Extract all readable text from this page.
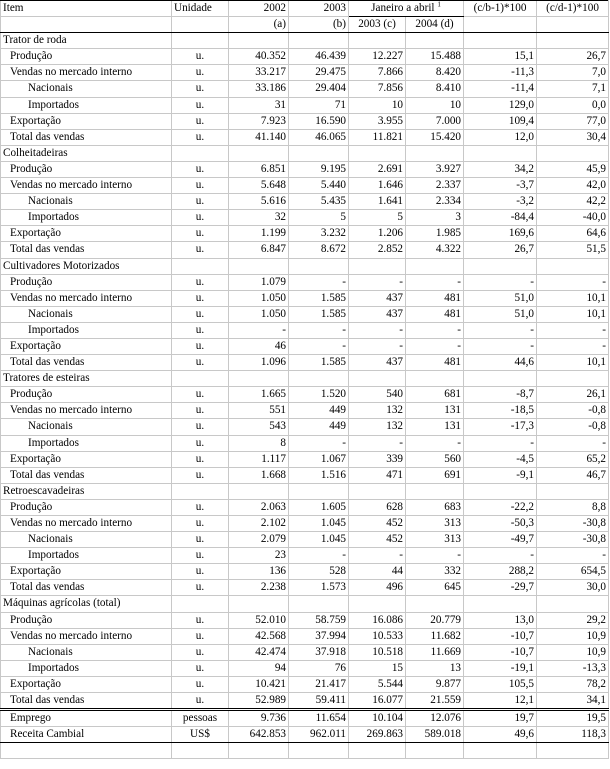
Item	Unidade	2002	2003	Janeiro a abril $^1$		(c/b-1)*100	(c/d-1)*100
		(a)	(b)	2003 (c)	2004 (d)		
Trator de roda							
Produção	u.	40.352	46.439	12.227	15.488	15,1	26,7
Vendas no mercado interno	u.	33.217	29.475	7.866	8.420	-11,3	7,0
Nacionais	u.	33.186	29.404	7.856	8.410	-11,4	7,1
Importados	u.	31	71	10	10	129,0	0,0
Exportação	u.	7.923	16.590	3.955	7.000	109,4	77,0
Total das vendas	u.	41.140	46.065	11.821	15.420	12,0	30,4
Colheitadeiras							
Produção	u.	6.851	9.195	2.691	3.927	34,2	45,9
Vendas no mercado interno	u.	5.648	5.440	1.646	2.337	-3,7	42,0
Nacionais	u.	5.616	5.435	1.641	2.334	-3,2	42,2
Importados	u.	32	5	5	3	-84,4	-40,0
Exportação	u.	1.199	3.232	1.206	1.985	169,6	64,6
Total das vendas	u.	6.847	8.672	2.852	4.322	26,7	51,5
Cultivadores Motorizados							
Produção	u.	1.079	-	-	-	-	-
Vendas no mercado interno	u.	1.050	1.585	437	481	51,0	10,1
Nacionais	u.	1.050	1.585	437	481	51,0	10,1
Importados	u.	-	-	-	-	-	-
Exportação	u.	46	-	-	-	-	-
Total das vendas	u.	1.096	1.585	437	481	44,6	10,1
Tratores de esteiras							
Produção	u.	1.665	1.520	540	681	-8,7	26,1
Vendas no mercado interno	u.	551	449	132	131	-18,5	-0,8
Nacionais	u.	543	449	132	131	-17,3	-0,8
Importados	u.	8	-	-	-	-	-
Exportação	u.	1.117	1.067	339	560	-4,5	65,2
Total das vendas	u.	1.668	1.516	471	691	-9,1	46,7
Retroescavadeiras							
Produção	u.	2.063	1.605	628	683	-22,2	8,8
Vendas no mercado interno	u.	2.102	1.045	452	313	-50,3	-30,8
Nacionais	u.	2.079	1.045	452	313	-49,7	-30,8
Importados	u.	23	-	-	-	-	-
Exportação	u.	136	528	44	332	288,2	654,5
Total das vendas	u.	2.238	1.573	496	645	-29,7	30,0
Máquinas agrícolas (total)							
Produção	u.	52.010	58.759	16.086	20.779	13,0	29,2
Vendas no mercado interno	u.	42.568	37.994	10.533	11.682	-10,7	10,9
Nacionais	u.	42.474	37.918	10.518	11.669	-10,7	10,9
Importados	u.	94	76	15	13	-19,1	-13,3
Exportação	u.	10.421	21.417	5.544	9.877	105,5	78,2
Total das vendas	u.	52.989	59.411	16.077	21.559	12,1	34,1
Emprego	pessoas	9.736	11.654	10.104	12.076	19,7	19,5
Receita Cambial	US$	642.853	962.011	269.863	589.018	49,6	118,3
